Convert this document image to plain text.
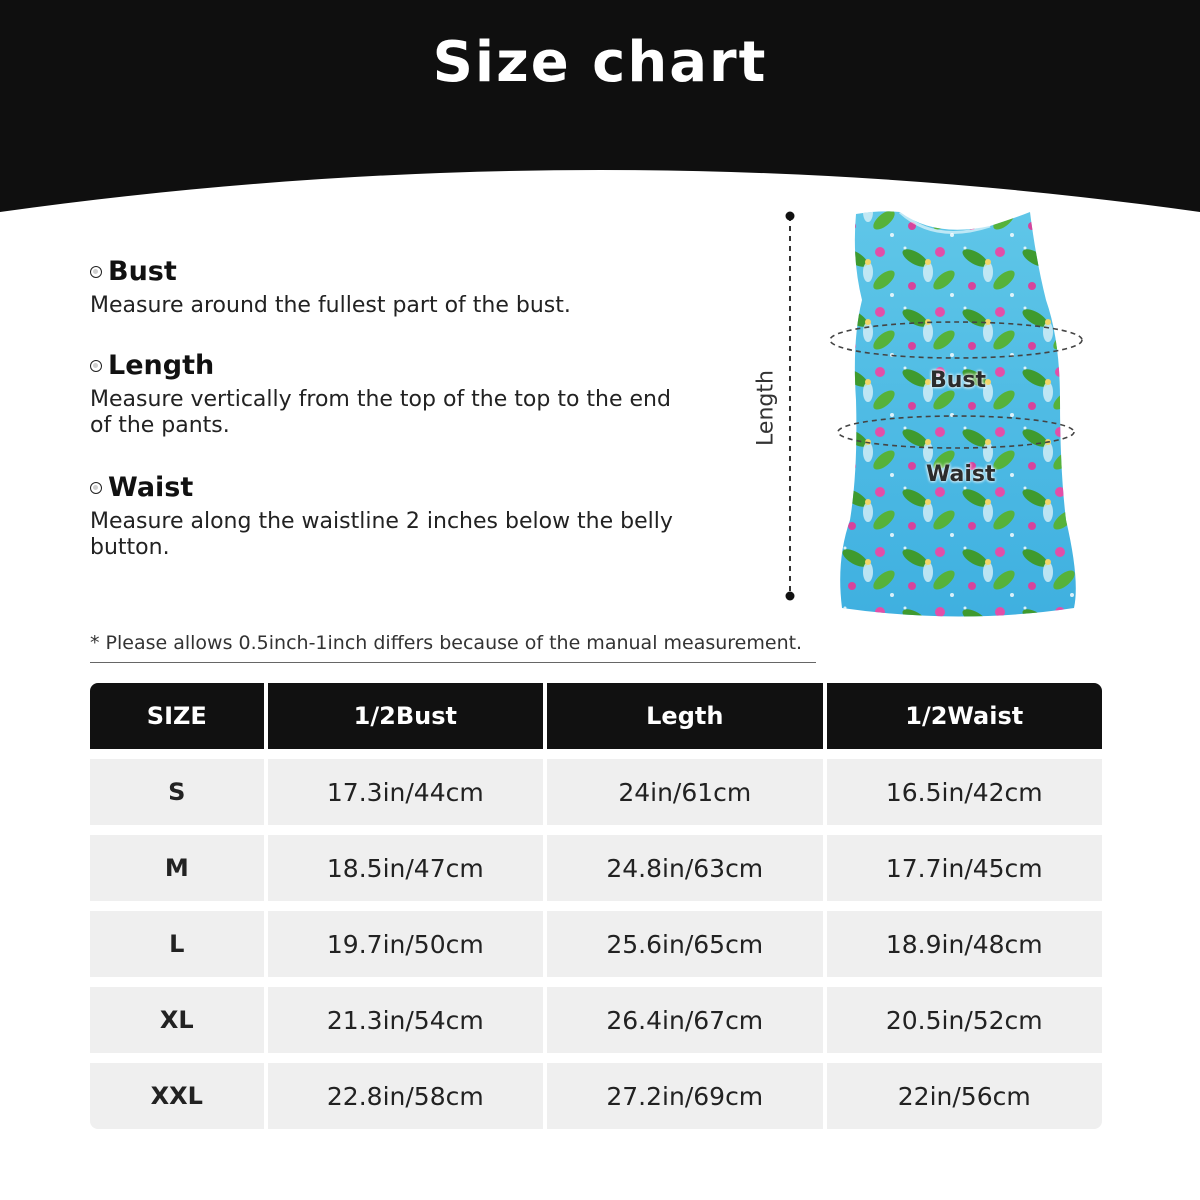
Size chart
Bust
Measure around the fullest part of the bust.
Length
Measure vertically from the top of the top to the end of the pants.
Waist
Measure along the waistline 2 inches below the belly button.
Length	Bust
Waist
* Please allows 0.5inch-1inch differs because of the manual measurement.
SIZE	1/2Bust	Legth	1/2Waist
S	17.3in/44cm	24in/61cm	16.5in/42cm
M	18.5in/47cm	24.8in/63cm	17.7in/45cm
L	19.7in/50cm	25.6in/65cm	18.9in/48cm
XL	21.3in/54cm	26.4in/67cm	20.5in/52cm
XXL	22.8in/58cm	27.2in/69cm	22in/56cm
